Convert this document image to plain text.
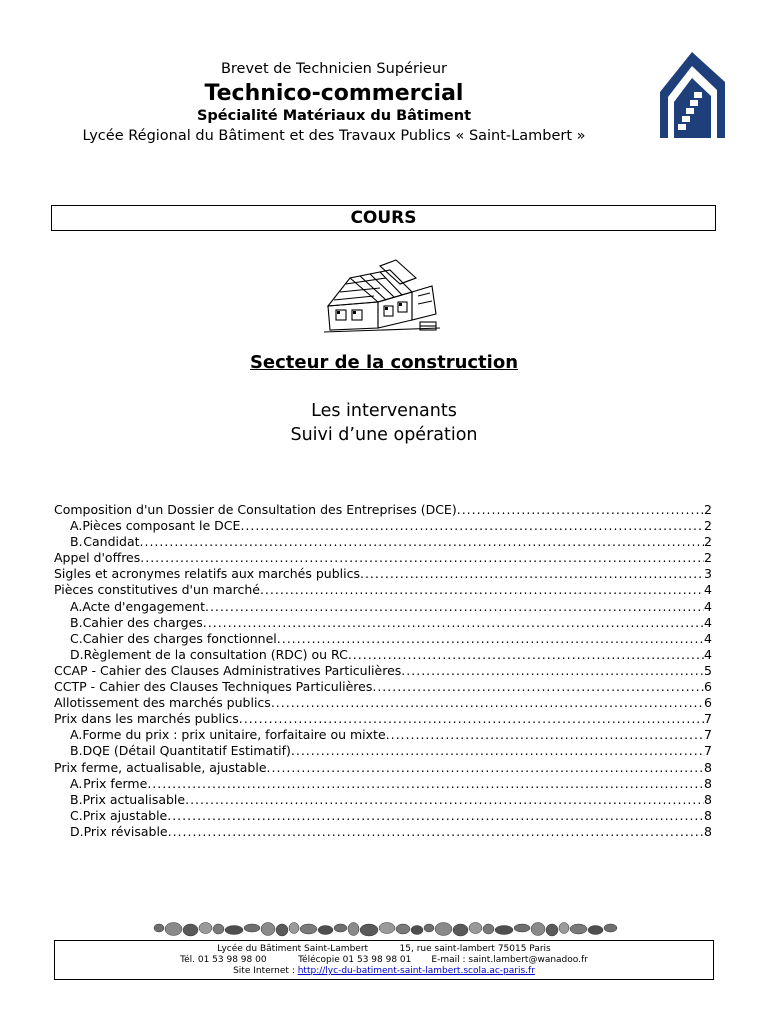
Brevet de Technicien Supérieur
Technico-commercial
Spécialité Matériaux du Bâtiment
Lycée Régional du Bâtiment et des Travaux Publics « Saint-Lambert »
COURS
Secteur de la construction
Les intervenants
Suivi d’une opération
Composition d'un Dossier de Consultation des Entreprises (DCE) .....	2
A. Pièces composant le DCE .....	2
B. Candidat .....	2
Appel d'offres .....	2
Sigles et acronymes relatifs aux marchés publics .....	3
Pièces constitutives d'un marché .....	4
A. Acte d'engagement .....	4
B. Cahier des charges .....	4
C. Cahier des charges fonctionnel .....	4
D. Règlement de la consultation (RDC) ou RC .....	4
CCAP - Cahier des Clauses Administratives Particulières .....	5
CCTP - Cahier des Clauses Techniques Particulières .....	6
Allotissement des marchés publics .....	6
Prix dans les marchés publics .....	7
A. Forme du prix : prix unitaire, forfaitaire ou mixte .....	7
B. DQE (Détail Quantitatif Estimatif) .....	7
Prix ferme, actualisable, ajustable .....	8
A. Prix ferme .....	8
B. Prix actualisable .....	8
C. Prix ajustable .....	8
D. Prix révisable .....	8
Lycée du Bâtiment Saint-Lambert	15, rue saint-lambert 75015 Paris
Tél. 01 53 98 98 00	Télécopie 01 53 98 98 01 E-mail : saint.lambert@wanadoo.fr
Site Internet : http://lyc-du-batiment-saint-lambert.scola.ac-paris.fr
